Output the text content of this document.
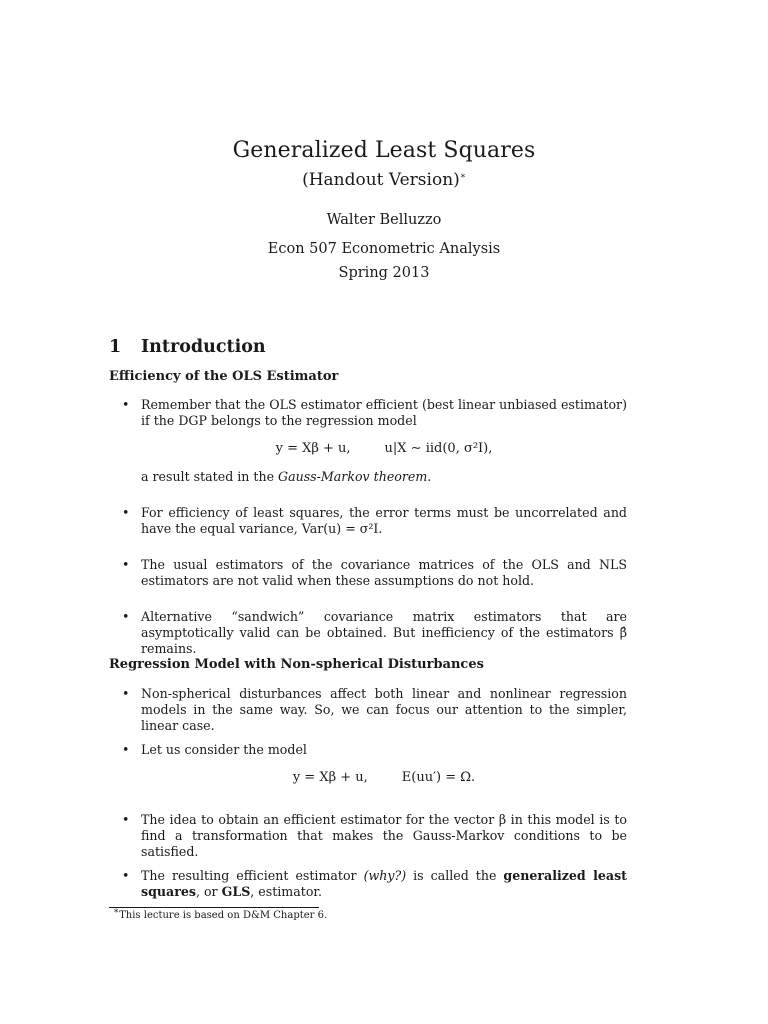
Generalized Least Squares
(Handout Version)∗
Walter Belluzzo
Econ 507 Econometric Analysis
Spring 2013
1 Introduction
Efficiency of the OLS Estimator
• Remember that the OLS estimator efficient (best linear unbiased estimator) if the DGP belongs to the regression model
y = Xβ + u,	u|X ∼ iid(0, σ²I),
a result stated in the Gauss-Markov theorem.
• For efficiency of least squares, the error terms must be uncorrelated and have the equal variance, Var(u) = σ²I.
• The usual estimators of the covariance matrices of the OLS and NLS estimators are not valid when these assumptions do not hold.
• Alternative “sandwich” covariance matrix estimators that are asymptotically valid can be obtained. But inefficiency of the estimators β̂ remains.
Regression Model with Non-spherical Disturbances
• Non-spherical disturbances affect both linear and nonlinear regression models in the same way. So, we can focus our attention to the simpler, linear case.
• Let us consider the model
y = Xβ + u,	E(uu′) = Ω.
• The idea to obtain an efficient estimator for the vector β in this model is to find a transformation that makes the Gauss-Markov conditions to be satisfied.
• The resulting efficient estimator (why?) is called the generalized least squares, or GLS, estimator.
∗This lecture is based on D&M Chapter 6.
